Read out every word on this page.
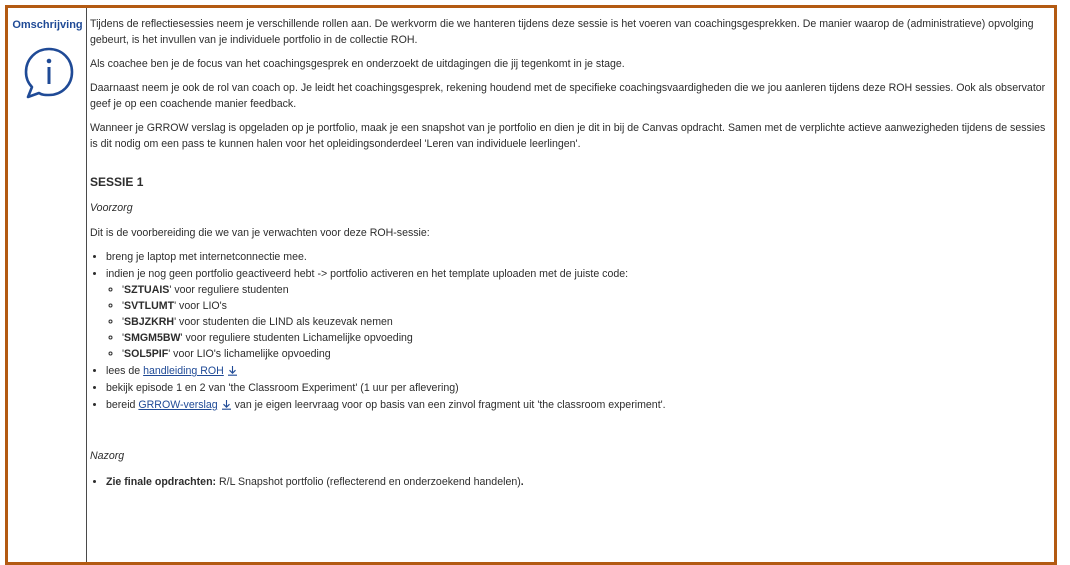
Omschrijving Tijdens de reflectiesessies neem je verschillende rollen aan. De werkvorm die we hanteren tijdens deze sessie is het voeren van coachingsgesprekken. De manier waarop de (administratieve) opvolging gebeurt, is het invullen van je individuele portfolio in de collectie ROH.

Als coachee ben je de focus van het coachingsgesprek en onderzoekt de uitdagingen die jij tegenkomt in je stage.

Daarnaast neem je ook de rol van coach op. Je leidt het coachingsgesprek, rekening houdend met de specifieke coachingsvaardigheden die we jou aanleren tijdens deze ROH sessies. Ook als observator geef je op een coachende manier feedback.

Wanneer je GRROW verslag is opgeladen op je portfolio, maak je een snapshot van je portfolio en dien je dit in bij de Canvas opdracht. Samen met de verplichte actieve aanwezigheden tijdens de sessies is dit nodig om een pass te kunnen halen voor het opleidingsonderdeel 'Leren van individuele leerlingen'.

SESSIE 1
Voorzorg

Dit is de voorbereiding die we van je verwachten voor deze ROH-sessie:

• breng je laptop met internetconnectie mee.
• indien je nog geen portfolio geactiveerd hebt -> portfolio activeren en het template uploaden met de juiste code:
◦ 'SZTUAIS' voor reguliere studenten
◦ 'SVTLUMT' voor LIO's
◦ 'SBJZKRH' voor studenten die LIND als keuzevak nemen
◦ 'SMGM5BW' voor reguliere studenten Lichamelijke opvoeding
◦ 'SOL5PIF' voor LIO's lichamelijke opvoeding
• lees de handleiding ROH
• bekijk episode 1 en 2 van 'the Classroom Experiment' (1 uur per aflevering)
• bereid GRROW-verslag van je eigen leervraag voor op basis van een zinvol fragment uit 'the classroom experiment'.
Nazorg
• Zie finale opdrachten: R/L Snapshot portfolio (reflecterend en onderzoekend handelen).
